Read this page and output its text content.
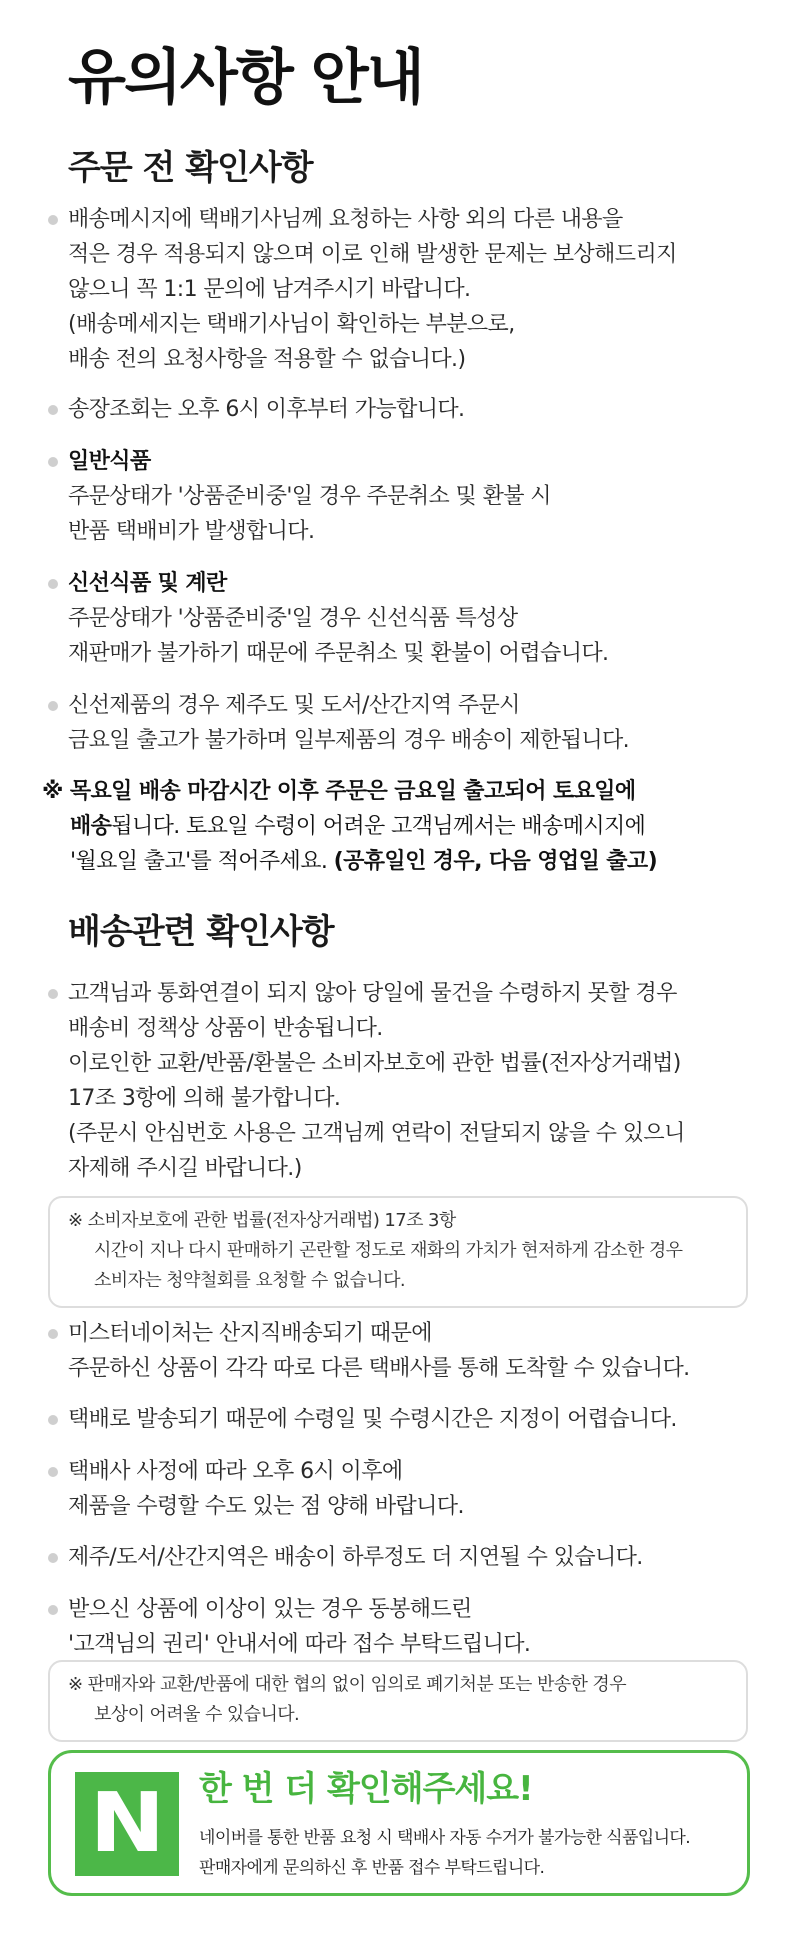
유의사항 안내
주문 전 확인사항
배송메시지에 택배기사님께 요청하는 사항 외의 다른 내용을
적은 경우 적용되지 않으며 이로 인해 발생한 문제는 보상해드리지
않으니 꼭 1:1 문의에 남겨주시기 바랍니다.
(배송메세지는 택배기사님이 확인하는 부분으로,
배송 전의 요청사항을 적용할 수 없습니다.)
송장조회는 오후 6시 이후부터 가능합니다.
일반식품
주문상태가 '상품준비중'일 경우 주문취소 및 환불 시
반품 택배비가 발생합니다.
신선식품 및 계란
주문상태가 '상품준비중'일 경우 신선식품 특성상
재판매가 불가하기 때문에 주문취소 및 환불이 어렵습니다.
신선제품의 경우 제주도 및 도서/산간지역 주문시
금요일 출고가 불가하며 일부제품의 경우 배송이 제한됩니다.
※ 목요일 배송 마감시간 이후 주문은 금요일 출고되어 토요일에
배송됩니다. 토요일 수령이 어려운 고객님께서는 배송메시지에
'월요일 출고'를 적어주세요. (공휴일인 경우, 다음 영업일 출고)
배송관련 확인사항
고객님과 통화연결이 되지 않아 당일에 물건을 수령하지 못할 경우
배송비 정책상 상품이 반송됩니다.
이로인한 교환/반품/환불은 소비자보호에 관한 법률(전자상거래법)
17조 3항에 의해 불가합니다.
(주문시 안심번호 사용은 고객님께 연락이 전달되지 않을 수 있으니
자제해 주시길 바랍니다.)
※ 소비자보호에 관한 법률(전자상거래법) 17조 3항
시간이 지나 다시 판매하기 곤란할 정도로 재화의 가치가 현저하게 감소한 경우
소비자는 청약철회를 요청할 수 없습니다.
미스터네이처는 산지직배송되기 때문에
주문하신 상품이 각각 따로 다른 택배사를 통해 도착할 수 있습니다.
택배로 발송되기 때문에 수령일 및 수령시간은 지정이 어렵습니다.
택배사 사정에 따라 오후 6시 이후에
제품을 수령할 수도 있는 점 양해 바랍니다.
제주/도서/산간지역은 배송이 하루정도 더 지연될 수 있습니다.
받으신 상품에 이상이 있는 경우 동봉해드린
'고객님의 권리' 안내서에 따라 접수 부탁드립니다.
※ 판매자와 교환/반품에 대한 협의 없이 임의로 폐기처분 또는 반송한 경우
보상이 어려울 수 있습니다.
N 한 번 더 확인해주세요!
네이버를 통한 반품 요청 시 택배사 자동 수거가 불가능한 식품입니다.
판매자에게 문의하신 후 반품 접수 부탁드립니다.
